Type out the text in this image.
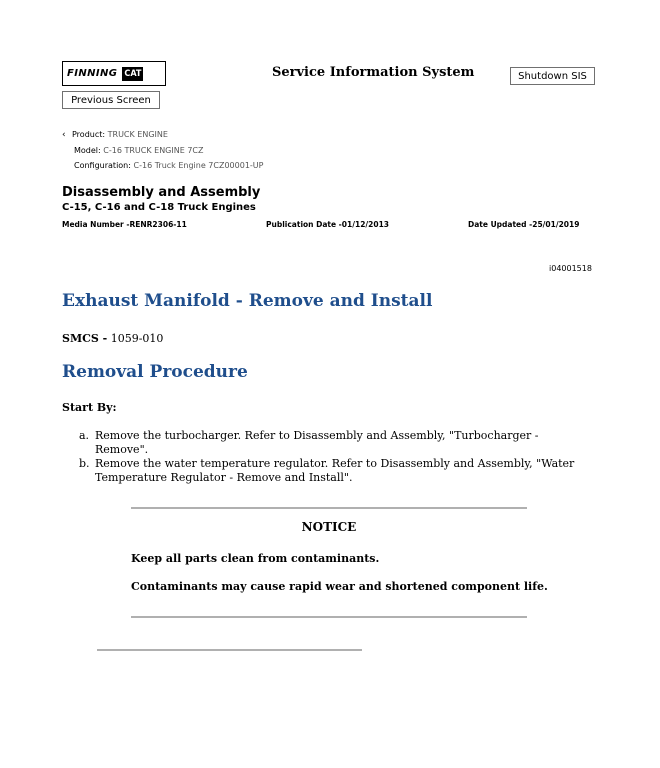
FINNING CAT	Service Information System	Shutdown SIS
Previous Screen
‹ Product: TRUCK ENGINE
Model: C-16 TRUCK ENGINE 7CZ
Configuration: C-16 Truck Engine 7CZ00001-UP
Disassembly and Assembly
C-15, C-16 and C-18 Truck Engines
Media Number -RENR2306-11	Publication Date -01/12/2013	Date Updated -25/01/2019
i04001518
Exhaust Manifold - Remove and Install
SMCS - 1059-010
Removal Procedure
Start By:
a. Remove the turbocharger. Refer to Disassembly and Assembly, "Turbocharger - Remove".
b. Remove the water temperature regulator. Refer to Disassembly and Assembly, "Water Temperature Regulator - Remove and Install".
NOTICE
Keep all parts clean from contaminants.
Contaminants may cause rapid wear and shortened component life.
